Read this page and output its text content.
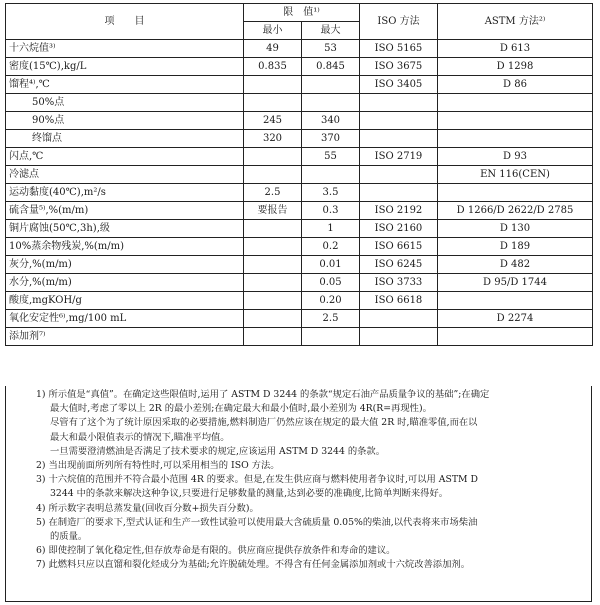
项　　目	限　值¹⁾		ISO 方法	ASTM 方法²⁾
	最小	最大		
十六烷值³⁾	49	53	ISO 5165	D 613
密度(15℃),kg/L	0.835	0.845	ISO 3675	D 1298
馏程⁴⁾,℃			ISO 3405	D 86
50%点				
90%点	245	340		
终馏点	320	370		
闪点,℃		55	ISO 2719	D 93
冷滤点				EN 116(CEN)
运动黏度(40℃),m²/s	2.5	3.5		
硫含量⁵⁾,%(m/m)	要报告	0.3	ISO 2192	D 1266/D 2622/D 2785
铜片腐蚀(50℃,3h),级		1	ISO 2160	D 130
10%蒸余物残炭,%(m/m)		0.2	ISO 6615	D 189
灰分,%(m/m)		0.01	ISO 6245	D 482
水分,%(m/m)		0.05	ISO 3733	D 95/D 1744
酸度,mgKOH/g		0.20	ISO 6618	
氧化安定性⁶⁾,mg/100 mL		2.5		D 2274
添加剂⁷⁾				

1) 所示值是“真值”。在确定这些限值时,运用了 ASTM D 3244 的条款“规定石油产品质量争议的基础”;在确定

最大值时,考虑了零以上 2R 的最小差别;在确定最大和最小值时,最小差别为 4R(R=再现性)。

尽管有了这个为了统计原因采取的必要措施,燃料制造厂仍然应该在规定的最大值 2R 时,瞄准零值,而在以

最大和最小限值表示的情况下,瞄准平均值。

一旦需要澄清燃油是否满足了技术要求的规定,应该运用 ASTM D 3244 的条款。

2) 当出现前面所列所有特性时,可以采用相当的 ISO 方法。

3) 十六烷值的范围并不符合最小范围 4R 的要求。但是,在发生供应商与燃料使用者争议时,可以用 ASTM D

3244 中的条款来解决这种争议,只要进行足够数量的测量,达到必要的准确度,比简单判断来得好。

4) 所示数字表明总蒸发量(回收百分数+损失百分数)。

5) 在制造厂的要求下,型式认证和生产一致性试验可以使用最大含硫质量 0.05%的柴油,以代表将来市场柴油

的质量。

6) 即使控制了氧化稳定性,但存放寿命是有限的。供应商应提供存放条件和寿命的建议。

7) 此燃料只应以直馏和裂化烃成分为基础;允许脱硫处理。不得含有任何金属添加剂或十六烷改善添加剂。
